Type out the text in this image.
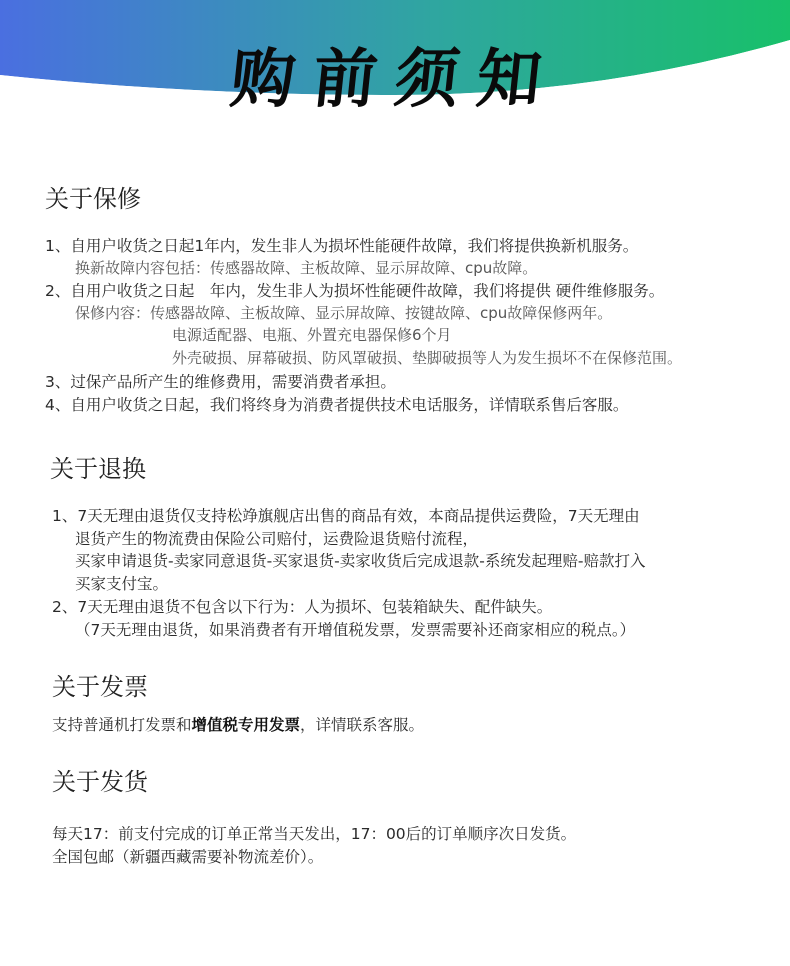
购前须知
关于保修
1、自用户收货之日起1年内，发生非人为损坏性能硬件故障，我们将提供换新机服务。
换新故障内容包括：传感器故障、主板故障、显示屏故障、cpu故障。
2、自用户收货之日起　年内，发生非人为损坏性能硬件故障，我们将提供 硬件维修服务。
保修内容：传感器故障、主板故障、显示屏故障、按键故障、cpu故障保修两年。
电源适配器、电瓶、外置充电器保修6个月
外壳破损、屏幕破损、防风罩破损、垫脚破损等人为发生损坏不在保修范围。
3、过保产品所产生的维修费用，需要消费者承担。
4、自用户收货之日起，我们将终身为消费者提供技术电话服务，详情联系售后客服。
关于退换
1、7天无理由退货仅支持松竫旗舰店出售的商品有效，本商品提供运费险，7天无理由
退货产生的物流费由保险公司赔付，运费险退货赔付流程，
买家申请退货-卖家同意退货-买家退货-卖家收货后完成退款-系统发起理赔-赔款打入
买家支付宝。
2、7天无理由退货不包含以下行为：人为损坏、包装箱缺失、配件缺失。
（7天无理由退货，如果消费者有开增值税发票，发票需要补还商家相应的税点。）
关于发票
支持普通机打发票和增值税专用发票，详情联系客服。
关于发货
每天17：前支付完成的订单正常当天发出，17：00后的订单顺序次日发货。
全国包邮（新疆西藏需要补物流差价）。
